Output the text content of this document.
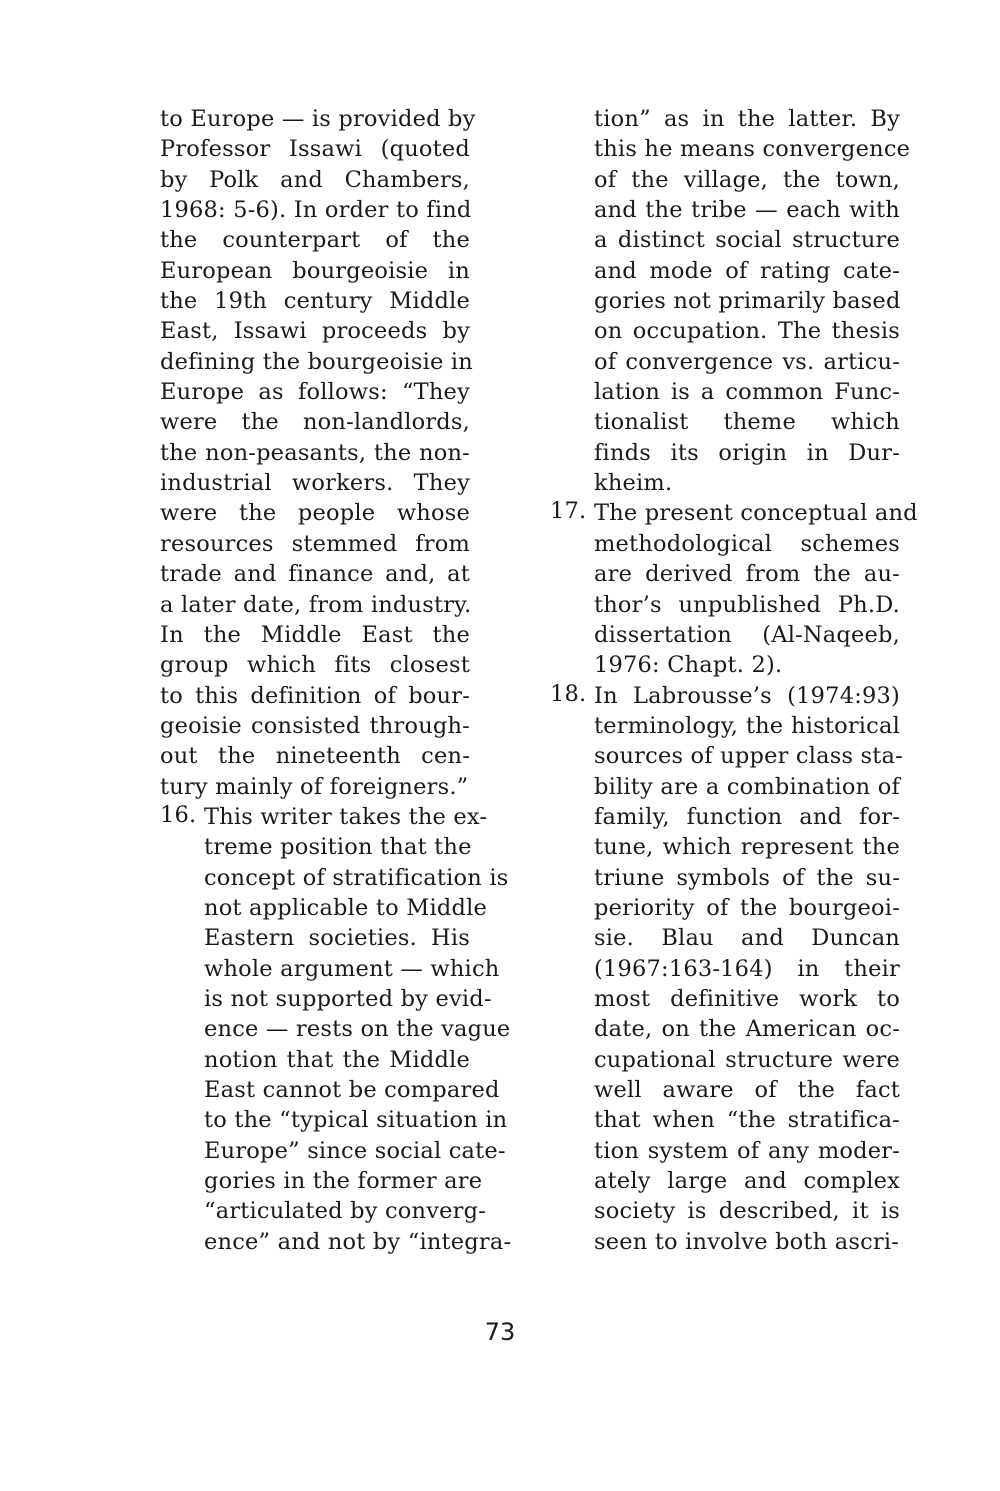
to Europe — is provided by
Professor Issawi (quoted
by Polk and Chambers,
1968: 5-6). In order to find
the counterpart of the
European bourgeoisie in
the 19th century Middle
East, Issawi proceeds by
defining the bourgeoisie in
Europe as follows: “They
were the non-landlords,
the non-peasants, the non-
industrial workers. They
were the people whose
resources stemmed from
trade and finance and, at
a later date, from industry.
In the Middle East the
group which fits closest
to this definition of bour-
geoisie consisted through-
out the nineteenth cen-
tury mainly of foreigners.”
16. This writer takes the ex-
treme position that the
concept of stratification is
not applicable to Middle
Eastern societies. His
whole argument — which
is not supported by evid-
ence — rests on the vague
notion that the Middle
East cannot be compared
to the “typical situation in
Europe” since social cate-
gories in the former are
“articulated by converg-
ence” and not by “integra-
tion” as in the latter. By
this he means convergence
of the village, the town,
and the tribe — each with
a distinct social structure
and mode of rating cate-
gories not primarily based
on occupation. The thesis
of convergence vs. articu-
lation is a common Func-
tionalist theme which
finds its origin in Dur-
kheim.
17. The present conceptual and
methodological schemes
are derived from the au-
thor’s unpublished Ph.D.
dissertation (Al-Naqeeb,
1976: Chapt. 2).
18. In Labrousse’s (1974:93)
terminology, the historical
sources of upper class sta-
bility are a combination of
family, function and for-
tune, which represent the
triune symbols of the su-
periority of the bourgeoi-
sie. Blau and Duncan
(1967:163-164) in their
most definitive work to
date, on the American oc-
cupational structure were
well aware of the fact
that when “the stratifica-
tion system of any moder-
ately large and complex
society is described, it is
seen to involve both ascri-
73
